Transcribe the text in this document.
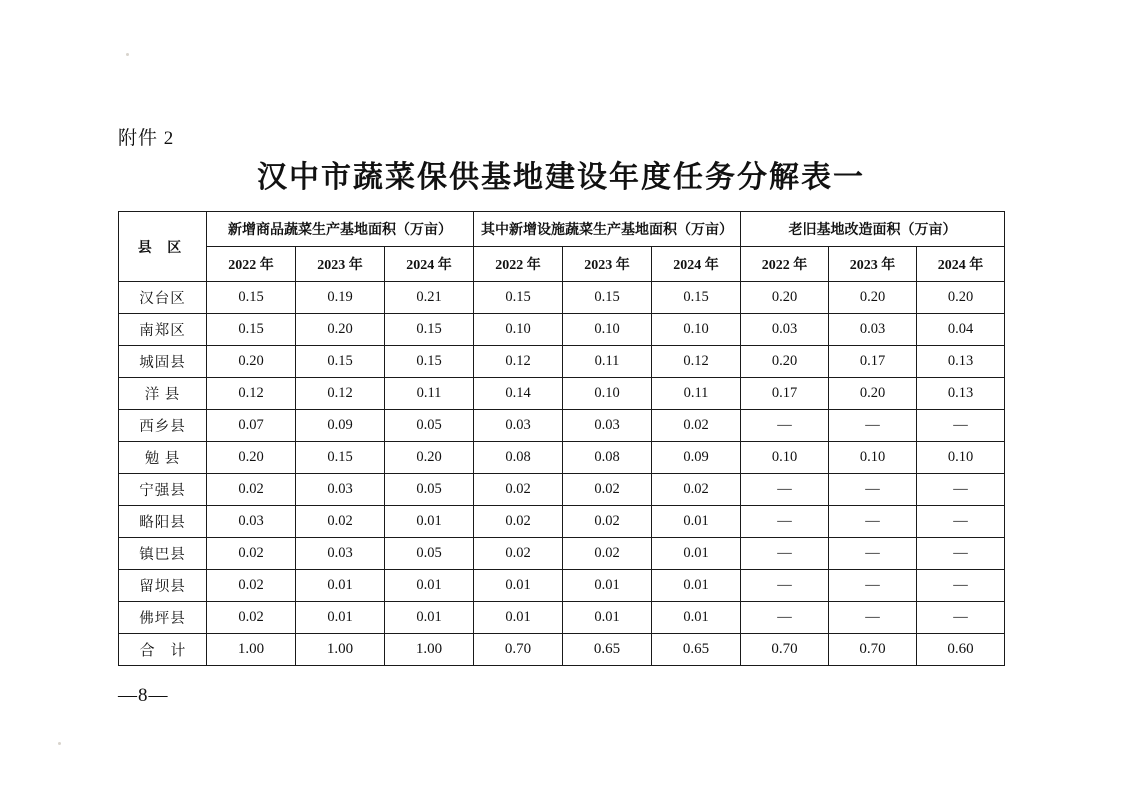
附件 2
汉中市蔬菜保供基地建设年度任务分解表一
县 区	新增商品蔬菜生产基地面积（万亩）			其中新增设施蔬菜生产基地面积（万亩）			老旧基地改造面积（万亩）		
	2022 年	2023 年	2024 年	2022 年	2023 年	2024 年	2022 年	2023 年	2024 年
汉台区	0.15	0.19	0.21	0.15	0.15	0.15	0.20	0.20	0.20
南郑区	0.15	0.20	0.15	0.10	0.10	0.10	0.03	0.03	0.04
城固县	0.20	0.15	0.15	0.12	0.11	0.12	0.20	0.17	0.13
洋 县	0.12	0.12	0.11	0.14	0.10	0.11	0.17	0.20	0.13
西乡县	0.07	0.09	0.05	0.03	0.03	0.02	—	—	—
勉 县	0.20	0.15	0.20	0.08	0.08	0.09	0.10	0.10	0.10
宁强县	0.02	0.03	0.05	0.02	0.02	0.02	—	—	—
略阳县	0.03	0.02	0.01	0.02	0.02	0.01	—	—	—
镇巴县	0.02	0.03	0.05	0.02	0.02	0.01	—	—	—
留坝县	0.02	0.01	0.01	0.01	0.01	0.01	—	—	—
佛坪县	0.02	0.01	0.01	0.01	0.01	0.01	—	—	—
合 计	1.00	1.00	1.00	0.70	0.65	0.65	0.70	0.70	0.60
—8—
